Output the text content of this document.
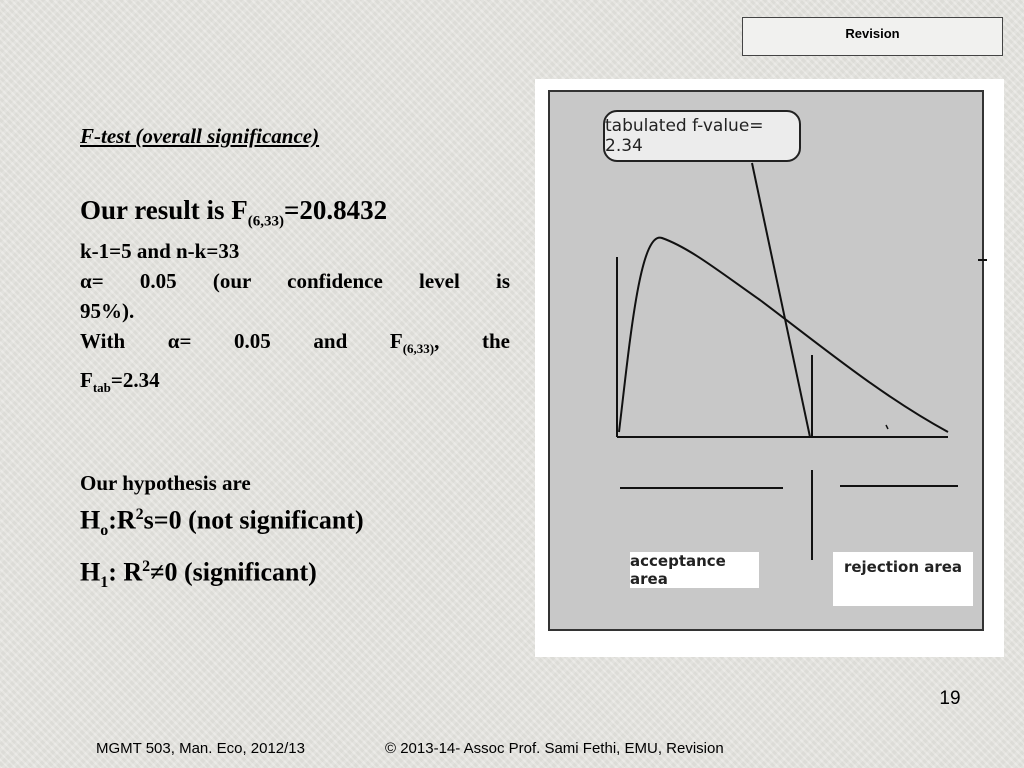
Revision

F-test (overall significance)

Our result is $F_{(6,33)}=20.8432$

k-1=5 and n-k=33

α= 0.05 (our confidence level is

95%).

With α= 0.05 and $F_{(6,33)}$, the

$F_{tab}=2.34$

Our hypothesis are

$H_o:R^2s=0$ (not significant)

$H_1$: $R^2\ne 0$ (significant)

tabulated f-value= 2.34
acceptance area
rejection area
19
MGMT 503, Man. Eco, 2012/13	© 2013-14- Assoc Prof. Sami Fethi, EMU, Revision
